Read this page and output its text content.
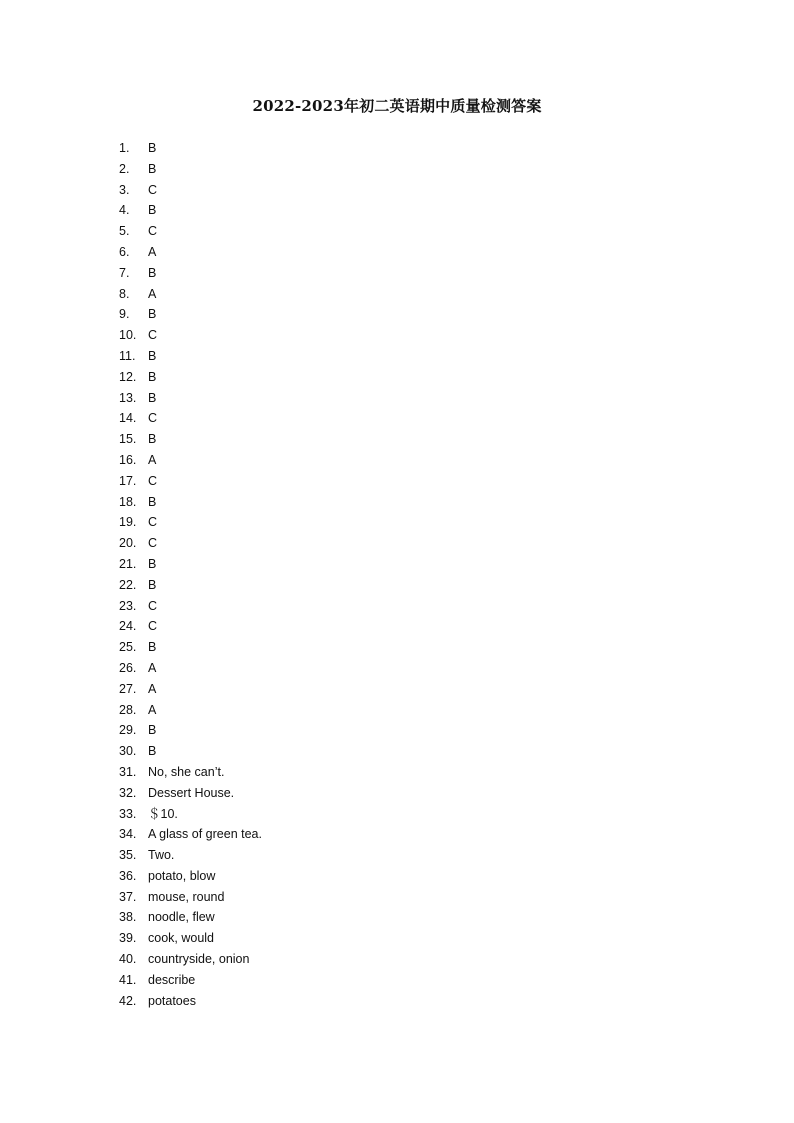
2022-2023年初二英语期中质量检测答案
1.	B
2.	B
3.	C
4.	B
5.	C
6.	A
7.	B
8.	A
9.	B
10. C
11.	B
12. B
13. B
14. C
15. B
16. A
17. C
18. B
19. C
20. C
21. B
22. B
23. C
24. C
25. B
26. A
27. A
28. A
29. B
30. B
31. No, she can’t.
32. Dessert House.
33. ＄10.
34. A glass of green tea.
35. Two.
36. potato, blow
37. mouse, round
38. noodle, flew
39. cook, would
40. countryside, onion
41. describe
42. potatoes
